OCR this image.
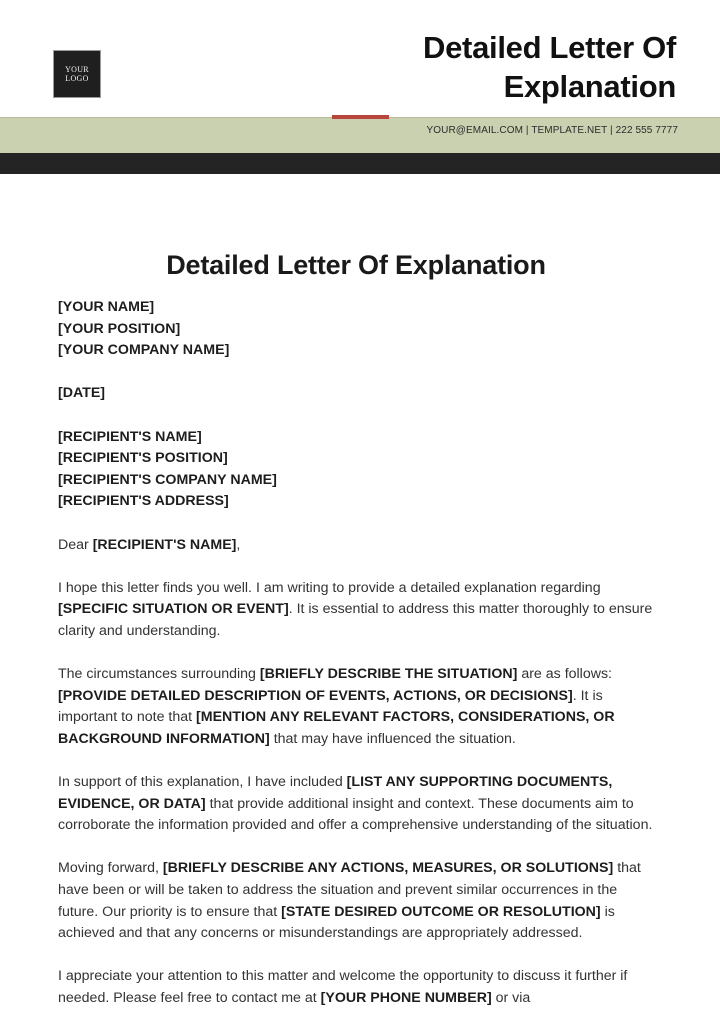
YOUR LOGO
Detailed Letter Of Explanation
YOUR@EMAIL.COM | TEMPLATE.NET | 222 555 7777
Detailed Letter Of Explanation

[YOUR NAME]
[YOUR POSITION]
[YOUR COMPANY NAME]

[DATE]

[RECIPIENT'S NAME]
[RECIPIENT'S POSITION]
[RECIPIENT'S COMPANY NAME]
[RECIPIENT'S ADDRESS]

Dear [RECIPIENT'S NAME],

I hope this letter finds you well. I am writing to provide a detailed explanation regarding [SPECIFIC SITUATION OR EVENT]. It is essential to address this matter thoroughly to ensure clarity and understanding.

The circumstances surrounding [BRIEFLY DESCRIBE THE SITUATION] are as follows: [PROVIDE DETAILED DESCRIPTION OF EVENTS, ACTIONS, OR DECISIONS]. It is important to note that [MENTION ANY RELEVANT FACTORS, CONSIDERATIONS, OR BACKGROUND INFORMATION] that may have influenced the situation.

In support of this explanation, I have included [LIST ANY SUPPORTING DOCUMENTS, EVIDENCE, OR DATA] that provide additional insight and context. These documents aim to corroborate the information provided and offer a comprehensive understanding of the situation.

Moving forward, [BRIEFLY DESCRIBE ANY ACTIONS, MEASURES, OR SOLUTIONS] that have been or will be taken to address the situation and prevent similar occurrences in the future. Our priority is to ensure that [STATE DESIRED OUTCOME OR RESOLUTION] is achieved and that any concerns or misunderstandings are appropriately addressed.

I appreciate your attention to this matter and welcome the opportunity to discuss it further if needed. Please feel free to contact me at [YOUR PHONE NUMBER] or via
